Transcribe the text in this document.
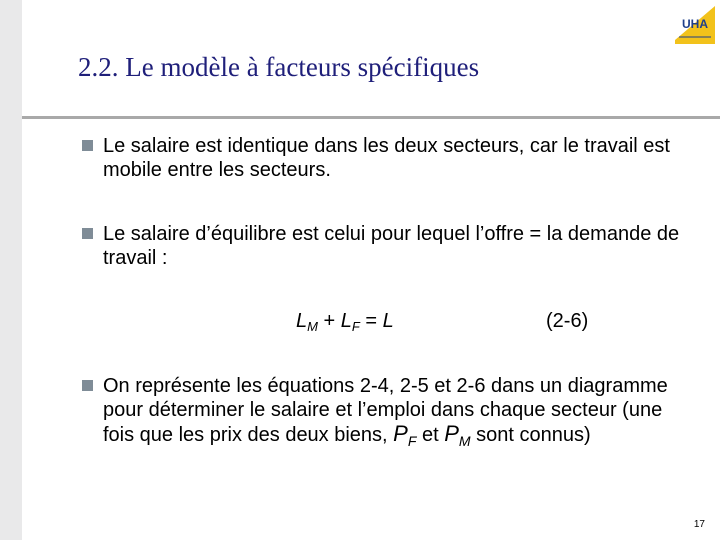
2.2. Le modèle à facteurs spécifiques
UHA
Le salaire est identique dans les deux secteurs, car le travail est mobile entre les secteurs.
Le salaire d’équilibre est celui pour lequel l’offre = la demande de travail :
$L_M + L_F = L$	(2-6)
On représente les équations 2-4, 2-5 et 2-6 dans un diagramme pour déterminer le salaire et l’emploi dans chaque secteur (une fois que les prix des deux biens, $P_F$ et $P_M$ sont connus)
17
